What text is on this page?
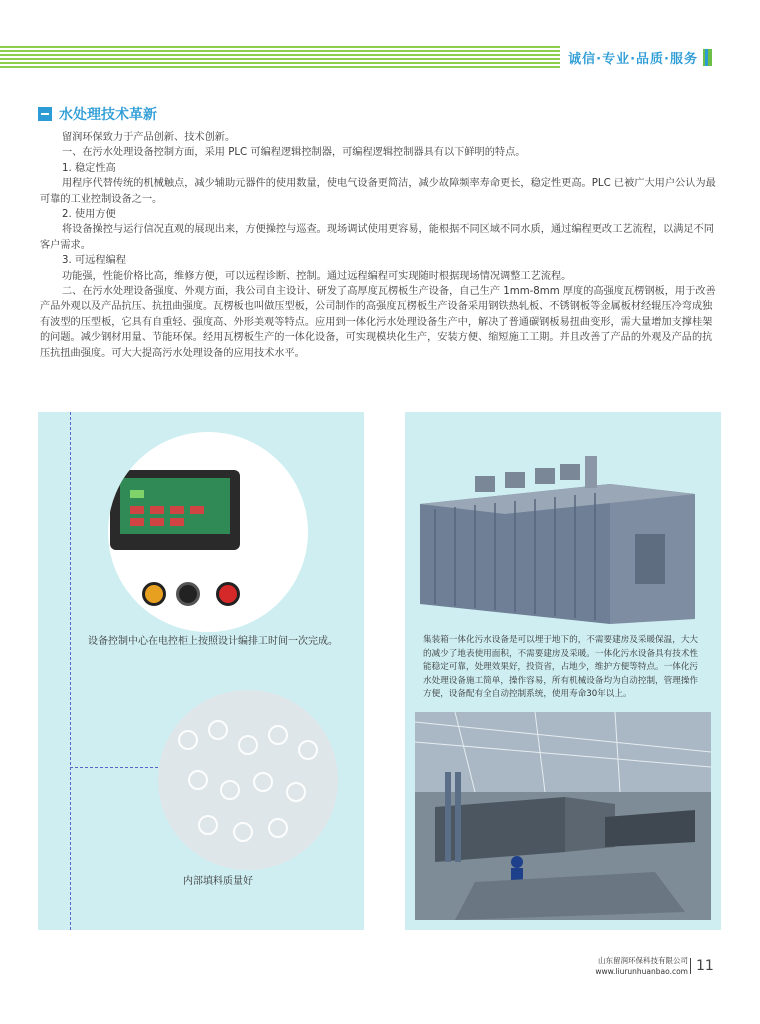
诚信·专业·品质·服务
水处理技术革新

留润环保致力于产品创新、技术创新。

一、在污水处理设备控制方面，采用 PLC 可编程逻辑控制器，可编程逻辑控制器具有以下鲜明的特点。

1. 稳定性高

用程序代替传统的机械触点，减少辅助元器件的使用数量，使电气设备更简洁，减少故障频率寿命更长，稳定性更高。PLC 已被广大用户公认为最可靠的工业控制设备之一。

2. 使用方便

将设备操控与运行信况直观的展现出来，方便操控与巡查。现场调试使用更容易，能根据不同区域不同水质，通过编程更改工艺流程，以满足不同客户需求。

3. 可远程编程

功能强，性能价格比高，维修方便，可以远程诊断、控制。通过远程编程可实现随时根据现场情况调整工艺流程。

二、在污水处理设备强度、外观方面，我公司自主设计、研发了高厚度瓦楞板生产设备，自己生产 1mm-8mm 厚度的高强度瓦楞钢板，用于改善产品外观以及产品抗压、抗扭曲强度。瓦楞板也叫做压型板，公司制作的高强度瓦楞板生产设备采用钢铁热轧板、不锈钢板等金属板材经辊压冷弯成独有波型的压型板，它具有自重轻、强度高、外形美观等特点。应用到一体化污水处理设备生产中，解决了普通碳钢板易扭曲变形，需大量增加支撑桂架的问题。减少钢材用量、节能环保。经用瓦楞板生产的一体化设备，可实现模块化生产，安装方便、缩短施工工期。并且改善了产品的外观及产品的抗压抗扭曲强度。可大大提高污水处理设备的应用技术水平。

设备控制中心在电控柜上按照设计编排工时间一次完成。
内部填料质量好
集装箱一体化污水设备是可以埋于地下的，不需要建房及采暖保温，大大的减少了地表使用面积，不需要建房及采暖。一体化污水设备具有技术性能稳定可靠，处理效果好，投资省，占地少，维护方便等特点。一体化污水处理设备施工简单，操作容易，所有机械设备均为自动控制，管理操作方便，设备配有全自动控制系统，使用寿命30年以上。
山东留润环保科技有限公司
www.liurunhuanbao.com 11
